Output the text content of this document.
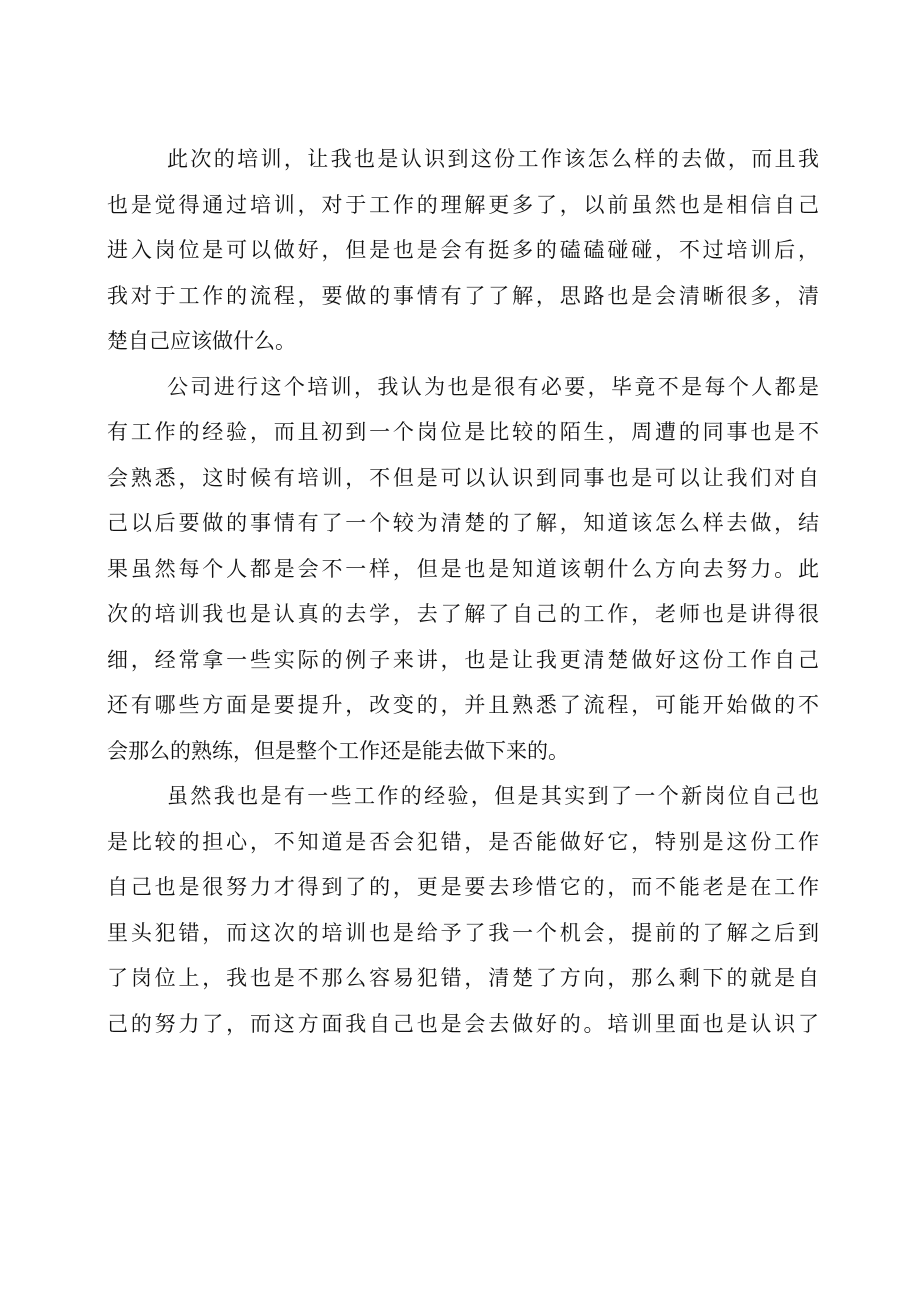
此次的培训，让我也是认识到这份工作该怎么样的去做，而且我
也是觉得通过培训，对于工作的理解更多了，以前虽然也是相信自己
进入岗位是可以做好，但是也是会有挺多的磕磕碰碰，不过培训后，
我对于工作的流程，要做的事情有了了解，思路也是会清晰很多，清
楚自己应该做什么。
公司进行这个培训，我认为也是很有必要，毕竟不是每个人都是
有工作的经验，而且初到一个岗位是比较的陌生，周遭的同事也是不
会熟悉，这时候有培训，不但是可以认识到同事也是可以让我们对自
己以后要做的事情有了一个较为清楚的了解，知道该怎么样去做，结
果虽然每个人都是会不一样，但是也是知道该朝什么方向去努力。此
次的培训我也是认真的去学，去了解了自己的工作，老师也是讲得很
细，经常拿一些实际的例子来讲，也是让我更清楚做好这份工作自己
还有哪些方面是要提升，改变的，并且熟悉了流程，可能开始做的不
会那么的熟练，但是整个工作还是能去做下来的。
虽然我也是有一些工作的经验，但是其实到了一个新岗位自己也
是比较的担心，不知道是否会犯错，是否能做好它，特别是这份工作
自己也是很努力才得到了的，更是要去珍惜它的，而不能老是在工作
里头犯错，而这次的培训也是给予了我一个机会，提前的了解之后到
了岗位上，我也是不那么容易犯错，清楚了方向，那么剩下的就是自
己的努力了，而这方面我自己也是会去做好的。培训里面也是认识了
